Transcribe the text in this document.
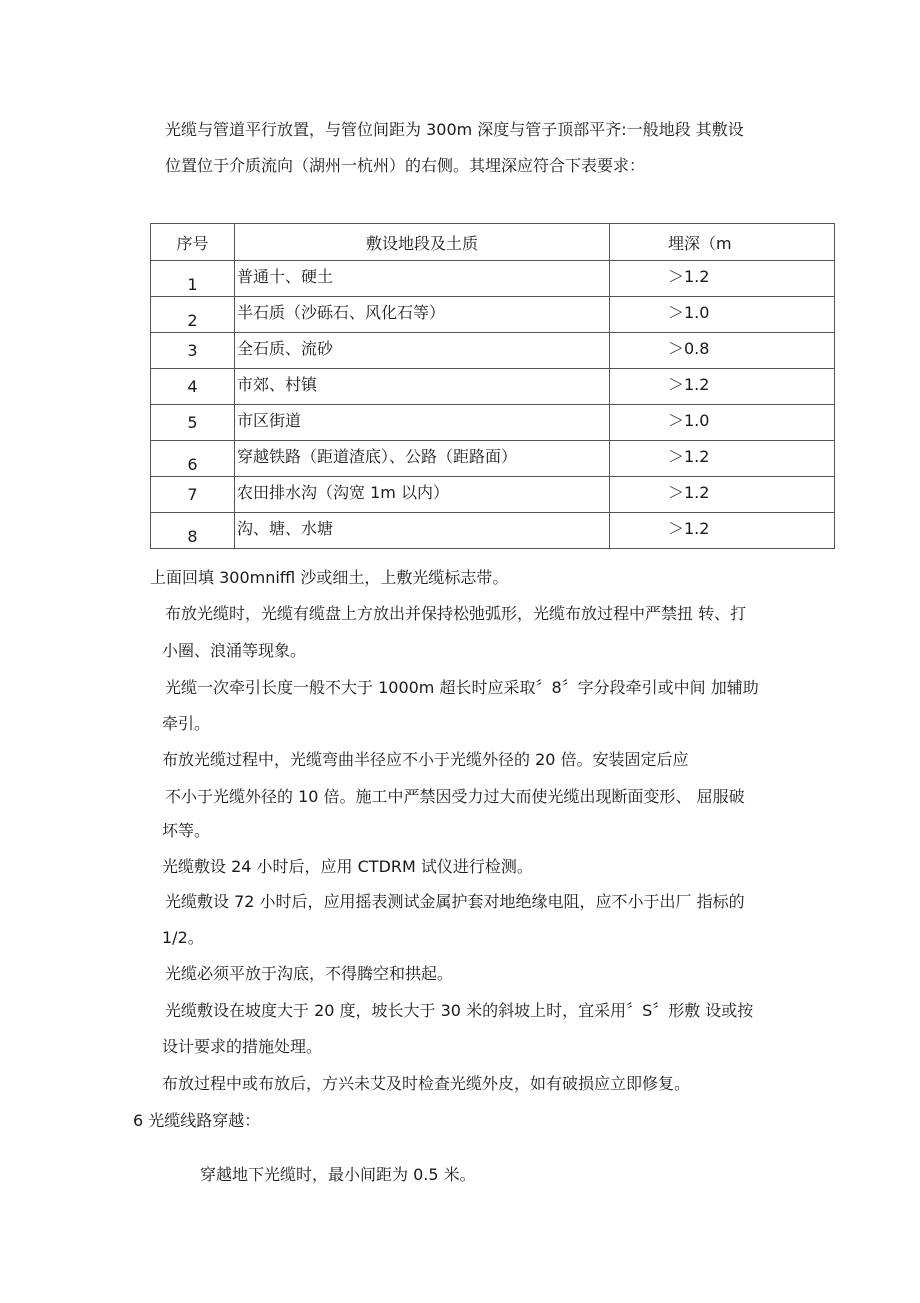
光缆与管道平行放置，与管位间距为 300m 深度与管子顶部平齐:一般地段 其敷设
位置位于介质流向（湖州一杭州）的右侧。其埋深应符合下表要求：
序号	敷设地段及土质	埋深（m
1	普通十、硬土	＞1.2
2	半石质（沙砾石、风化石等）	＞1.0
3	全石质、流砂	＞0.8
4	市郊、村镇	＞1.2
5	市区街道	＞1.0
6	穿越铁路（距道渣底）、公路（距路面）	＞1.2
7	农田排水沟（沟宽 1m 以内）	＞1.2
8	沟、塘、水塘	＞1.2
上面回填 300mniffl 沙或细土，上敷光缆标志带。
布放光缆时，光缆有缆盘上方放出并保持松弛弧形，光缆布放过程中严禁扭 转、打
小圈、浪涌等现象。
光缆一次牵引长度一般不大于 1000m 超长时应采取〞8〞字分段牵引或中间 加辅助
牵引。
布放光缆过程中，光缆弯曲半径应不小于光缆外径的 20 倍。安装固定后应
不小于光缆外径的 10 倍。施工中严禁因受力过大而使光缆出现断面变形、 屈服破
坏等。
光缆敷设 24 小时后，应用 CTDRM 试仪进行检测。
光缆敷设 72 小时后，应用摇表测试金属护套对地绝缘电阻，应不小于出厂 指标的
1/2。
光缆必须平放于沟底，不得腾空和拱起。
光缆敷设在坡度大于 20 度，坡长大于 30 米的斜坡上时，宜采用〞S〞形敷 设或按
设计要求的措施处理。
布放过程中或布放后，方兴未艾及时检查光缆外皮，如有破损应立即修复。
6 光缆线路穿越：
穿越地下光缆时，最小间距为 0.5 米。
